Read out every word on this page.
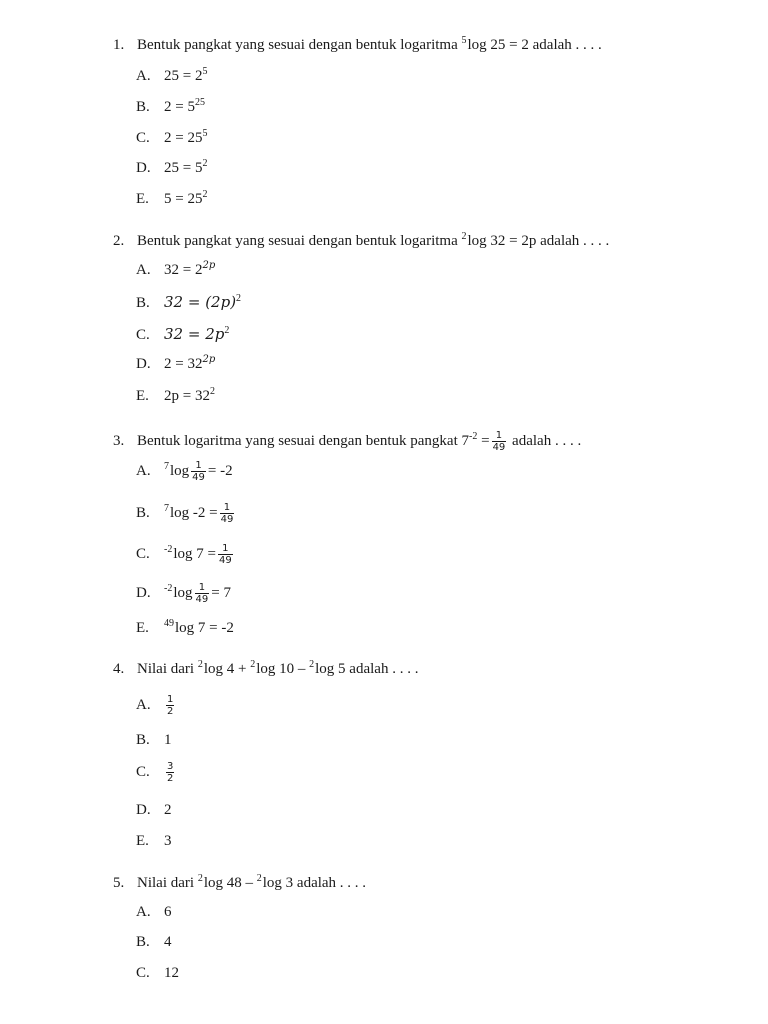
1. Bentuk pangkat yang sesuai dengan bentuk logaritma $^5$log 25 = 2 adalah . . . .
A. $25 = 2^5$
B. $2 = 5^{25}$
C. $2 = 25^5$
D. $25 = 5^2$
E. $5 = 25^2$
2. Bentuk pangkat yang sesuai dengan bentuk logaritma $^2$log 32 = 2p adalah . . . .
A. $32 = 2^{2p}$
B. $32 = (2p)^2$
C. $32 = 2p^2$
D. $2 = 32^{2p}$
E. $2p = 32^2$
3. Bentuk logaritma yang sesuai dengan bentuk pangkat $7^{-2} = \frac{1}{49}$ adalah . . . .
A. $^7\log \frac{1}{49} = -2$
B. $^7$log $-2 = \frac{1}{49}$
C. $^{-2}$log $7 = \frac{1}{49}$
D. $^{-2}\log \frac{1}{49} = 7$
E. $^{49}$log 7 = -2
4. Nilai dari $^2$log 4 + $^2$log 10 – $^2$log 5 adalah . . . .
A. $\frac{1}{2}$
B. 1
C. $\frac{3}{2}$
D. 2
E. 3
5. Nilai dari $^2$log 48 – $^2$log 3 adalah . . . .
A. 6
B. 4
C. 12
